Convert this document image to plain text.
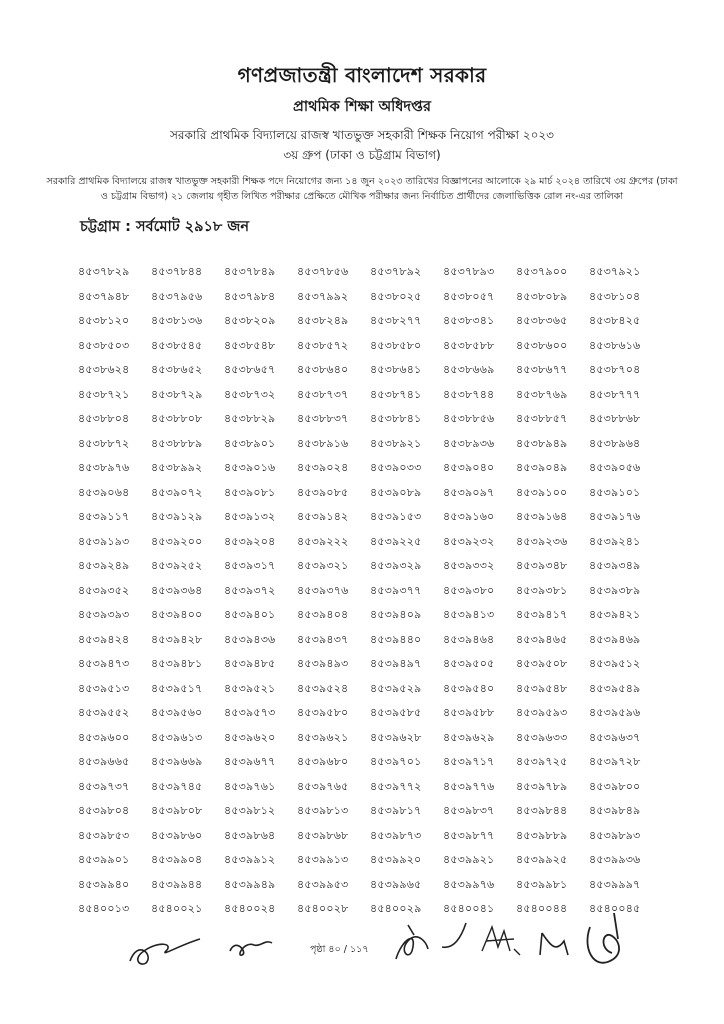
গণপ্রজাতন্ত্রী বাংলাদেশ সরকার
প্রাথমিক শিক্ষা অধিদপ্তর
সরকারি প্রাথমিক বিদ্যালয়ে রাজস্ব খাতভুক্ত সহকারী শিক্ষক নিয়োগ পরীক্ষা ২০২৩
৩য় গ্রুপ (ঢাকা ও চট্টগ্রাম বিভাগ)
সরকারি প্রাথমিক বিদ্যালয়ে রাজস্ব খাতভুক্ত সহকারী শিক্ষক পদে নিয়োগের জন্য ১৪ জুন ২০২৩ তারিখের বিজ্ঞাপনের আলোকে ২৯ মার্চ ২০২৪ তারিখে ৩য় গ্রুপের (ঢাকা ও চট্টগ্রাম বিভাগ) ২১ জেলায় গৃহীত লিখিত পরীক্ষার প্রেক্ষিতে মৌখিক পরীক্ষার জন্য নির্বাচিত প্রার্থীদের জেলাভিত্তিক রোল নং-এর তালিকা
চট্টগ্রাম : সর্বমোট ২৯১৮ জন
৪৫৩৭৮২৯	৪৫৩৭৮৪৪	৪৫৩৭৮৪৯	৪৫৩৭৮৫৬	৪৫৩৭৮৯২	৪৫৩৭৮৯৩	৪৫৩৭৯০০	৪৫৩৭৯২১
৪৫৩৭৯৪৮	৪৫৩৭৯৫৬	৪৫৩৭৯৮৪	৪৫৩৭৯৯২	৪৫৩৮০২৫	৪৫৩৮০৫৭	৪৫৩৮০৮৯	৪৫৩৮১০৪
৪৫৩৮১২০	৪৫৩৮১৩৬	৪৫৩৮২০৯	৪৫৩৮২৪৯	৪৫৩৮২৭৭	৪৫৩৮৩৪১	৪৫৩৮৩৬৫	৪৫৩৮৪২৫
৪৫৩৮৫০৩	৪৫৩৮৫৪৫	৪৫৩৮৫৪৮	৪৫৩৮৫৭২	৪৫৩৮৫৮০	৪৫৩৮৫৮৮	৪৫৩৮৬০০	৪৫৩৮৬১৬
৪৫৩৮৬২৪	৪৫৩৮৬৫২	৪৫৩৮৬৫৭	৪৫৩৮৬৪০	৪৫৩৮৬৪১	৪৫৩৮৬৬৯	৪৫৩৮৬৭৭	৪৫৩৮৭০৪
৪৫৩৮৭২১	৪৫৩৮৭২৯	৪৫৩৮৭৩২	৪৫৩৮৭৩৭	৪৫৩৮৭৪১	৪৫৩৮৭৪৪	৪৫৩৮৭৬৯	৪৫৩৮৭৭৭
৪৫৩৮৮০৪	৪৫৩৮৮০৮	৪৫৩৮৮২৯	৪৫৩৮৮৩৭	৪৫৩৮৮৪১	৪৫৩৮৮৫৬	৪৫৩৮৮৫৭	৪৫৩৮৮৬৮
৪৫৩৮৮৭২	৪৫৩৮৮৮৯	৪৫৩৮৯০১	৪৫৩৮৯১৬	৪৫৩৮৯২১	৪৫৩৮৯৩৬	৪৫৩৮৯৪৯	৪৫৩৮৯৬৪
৪৫৩৮৯৭৬	৪৫৩৮৯৯২	৪৫৩৯০১৬	৪৫৩৯০২৪	৪৫৩৯০৩৩	৪৫৩৯০৪০	৪৫৩৯০৪৯	৪৫৩৯০৫৬
৪৫৩৯০৬৪	৪৫৩৯০৭২	৪৫৩৯০৮১	৪৫৩৯০৮৫	৪৫৩৯০৮৯	৪৫৩৯০৯৭	৪৫৩৯১০০	৪৫৩৯১০১
৪৫৩৯১১৭	৪৫৩৯১২৯	৪৫৩৯১৩২	৪৫৩৯১৪২	৪৫৩৯১৫৩	৪৫৩৯১৬০	৪৫৩৯১৬৪	৪৫৩৯১৭৬
৪৫৩৯১৯৩	৪৫৩৯২০০	৪৫৩৯২০৪	৪৫৩৯২২২	৪৫৩৯২২৫	৪৫৩৯২৩২	৪৫৩৯২৩৬	৪৫৩৯২৪১
৪৫৩৯২৪৯	৪৫৩৯২৫২	৪৫৩৯৩১৭	৪৫৩৯৩২১	৪৫৩৯৩২৯	৪৫৩৯৩৩২	৪৫৩৯৩৪৮	৪৫৩৯৩৪৯
৪৫৩৯৩৫২	৪৫৩৯৩৬৪	৪৫৩৯৩৭২	৪৫৩৯৩৭৬	৪৫৩৯৩৭৭	৪৫৩৯৩৮০	৪৫৩৯৩৮১	৪৫৩৯৩৮৯
৪৫৩৯৩৯৩	৪৫৩৯৪০০	৪৫৩৯৪০১	৪৫৩৯৪০৪	৪৫৩৯৪০৯	৪৫৩৯৪১৩	৪৫৩৯৪১৭	৪৫৩৯৪২১
৪৫৩৯৪২৪	৪৫৩৯৪২৮	৪৫৩৯৪৩৬	৪৫৩৯৪৩৭	৪৫৩৯৪৪০	৪৫৩৯৪৬৪	৪৫৩৯৪৬৫	৪৫৩৯৪৬৯
৪৫৩৯৪৭৩	৪৫৩৯৪৮১	৪৫৩৯৪৮৫	৪৫৩৯৪৯৩	৪৫৩৯৪৯৭	৪৫৩৯৫০৫	৪৫৩৯৫০৮	৪৫৩৯৫১২
৪৫৩৯৫১৩	৪৫৩৯৫১৭	৪৫৩৯৫২১	৪৫৩৯৫২৪	৪৫৩৯৫২৯	৪৫৩৯৫৪০	৪৫৩৯৫৪৮	৪৫৩৯৫৪৯
৪৫৩৯৫৫২	৪৫৩৯৫৬০	৪৫৩৯৫৭৩	৪৫৩৯৫৮০	৪৫৩৯৫৮৫	৪৫৩৯৫৮৮	৪৫৩৯৫৯৩	৪৫৩৯৫৯৬
৪৫৩৯৬০০	৪৫৩৯৬১৩	৪৫৩৯৬২০	৪৫৩৯৬২১	৪৫৩৯৬২৮	৪৫৩৯৬২৯	৪৫৩৯৬৩৩	৪৫৩৯৬৩৭
৪৫৩৯৬৬৫	৪৫৩৯৬৬৯	৪৫৩৯৬৭৭	৪৫৩৯৬৮০	৪৫৩৯৭০১	৪৫৩৯৭১৭	৪৫৩৯৭২৫	৪৫৩৯৭২৮
৪৫৩৯৭৩৭	৪৫৩৯৭৪৫	৪৫৩৯৭৬১	৪৫৩৯৭৬৫	৪৫৩৯৭৭২	৪৫৩৯৭৭৬	৪৫৩৯৭৮৯	৪৫৩৯৮০০
৪৫৩৯৮০৪	৪৫৩৯৮০৮	৪৫৩৯৮১২	৪৫৩৯৮১৩	৪৫৩৯৮১৭	৪৫৩৯৮৩৭	৪৫৩৯৮৪৪	৪৫৩৯৮৪৯
৪৫৩৯৮৫৩	৪৫৩৯৮৬০	৪৫৩৯৮৬৪	৪৫৩৯৮৬৮	৪৫৩৯৮৭৩	৪৫৩৯৮৭৭	৪৫৩৯৮৮৯	৪৫৩৯৮৯৩
৪৫৩৯৯০১	৪৫৩৯৯০৪	৪৫৩৯৯১২	৪৫৩৯৯১৩	৪৫৩৯৯২০	৪৫৩৯৯২১	৪৫৩৯৯২৫	৪৫৩৯৯৩৬
৪৫৩৯৯৪০	৪৫৩৯৯৪৪	৪৫৩৯৯৪৯	৪৫৩৯৯৫৩	৪৫৩৯৯৬৫	৪৫৩৯৯৭৬	৪৫৩৯৯৮১	৪৫৩৯৯৯৭
৪৫৪০০১৩	৪৫৪০০২১	৪৫৪০০২৪	৪৫৪০০২৮	৪৫৪০০২৯	৪৫৪০০৪১	৪৫৪০০৪৪	৪৫৪০০৪৫
পৃষ্ঠা ৪০ / ১১৭
